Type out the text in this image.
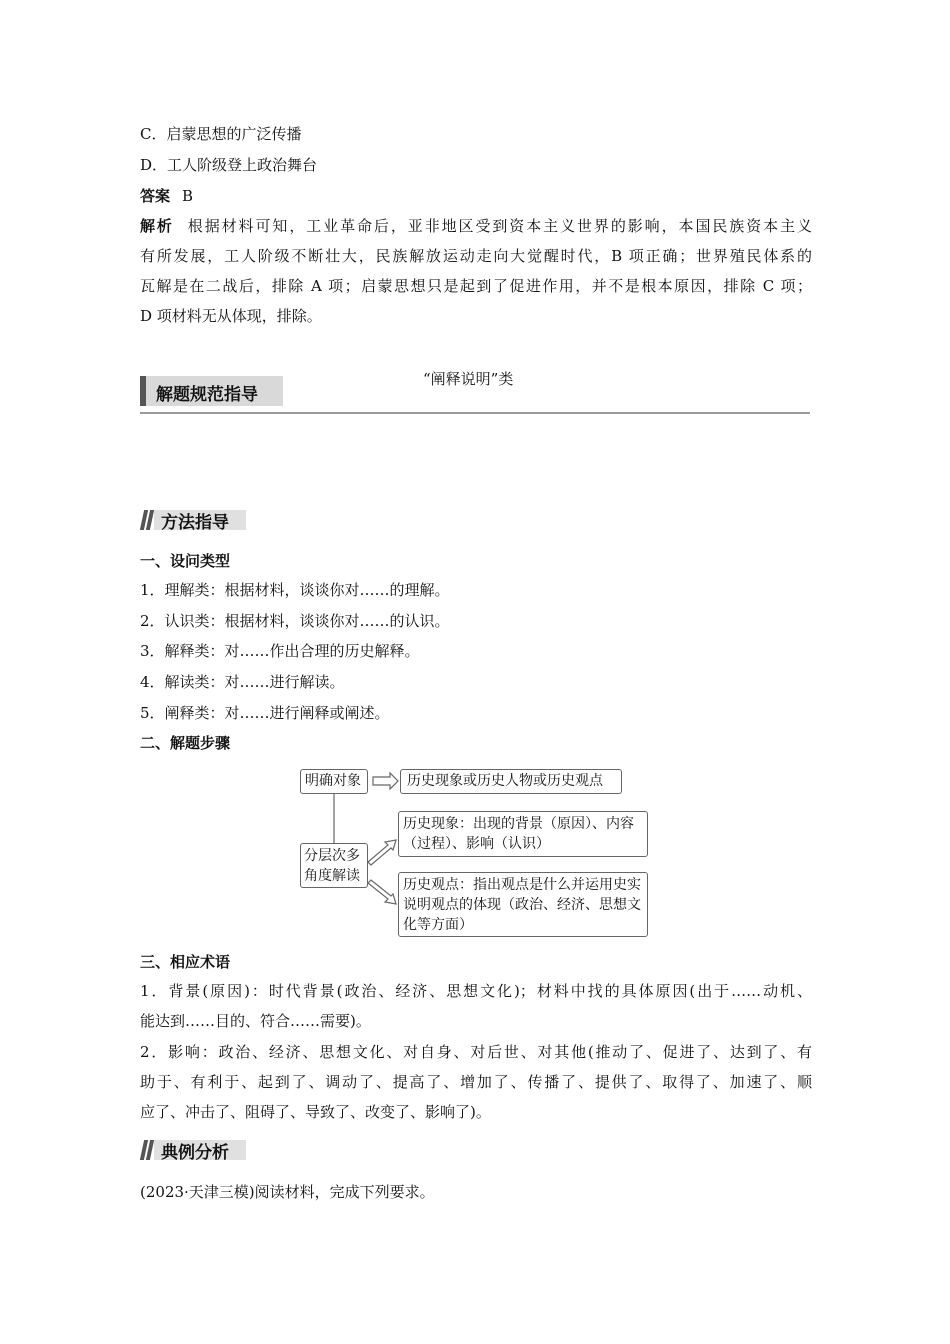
C．启蒙思想的广泛传播
D．工人阶级登上政治舞台
答案 B
解析 根据材料可知，工业革命后，亚非地区受到资本主义世界的影响，本国民族资本主义
有所发展，工人阶级不断壮大，民族解放运动走向大觉醒时代，B 项正确；世界殖民体系的
瓦解是在二战后，排除 A 项；启蒙思想只是起到了促进作用，并不是根本原因，排除 C 项；
D 项材料无从体现，排除。
解题规范指导
“阐释说明”类
方法指导
一、设问类型
1．理解类：根据材料，谈谈你对……的理解。
2．认识类：根据材料，谈谈你对……的认识。
3．解释类：对……作出合理的历史解释。
4．解读类：对……进行解读。
5．阐释类：对……进行阐释或阐述。
二、解题步骤
明确对象	历史现象或历史人物或历史观点
分层次多角度解读
历史现象：出现的背景（原因）、内容（过程）、影响（认识）
历史观点：指出观点是什么并运用史实说明观点的体现（政治、经济、思想文化等方面）
三、相应术语
1．背景(原因)：时代背景(政治、经济、思想文化)；材料中找的具体原因(出于……动机、
能达到……目的、符合……需要)。
2．影响：政治、经济、思想文化、对自身、对后世、对其他(推动了、促进了、达到了、有
助于、有利于、起到了、调动了、提高了、增加了、传播了、提供了、取得了、加速了、顺
应了、冲击了、阻碍了、导致了、改变了、影响了)。
典例分析
(2023·天津三模)阅读材料，完成下列要求。
